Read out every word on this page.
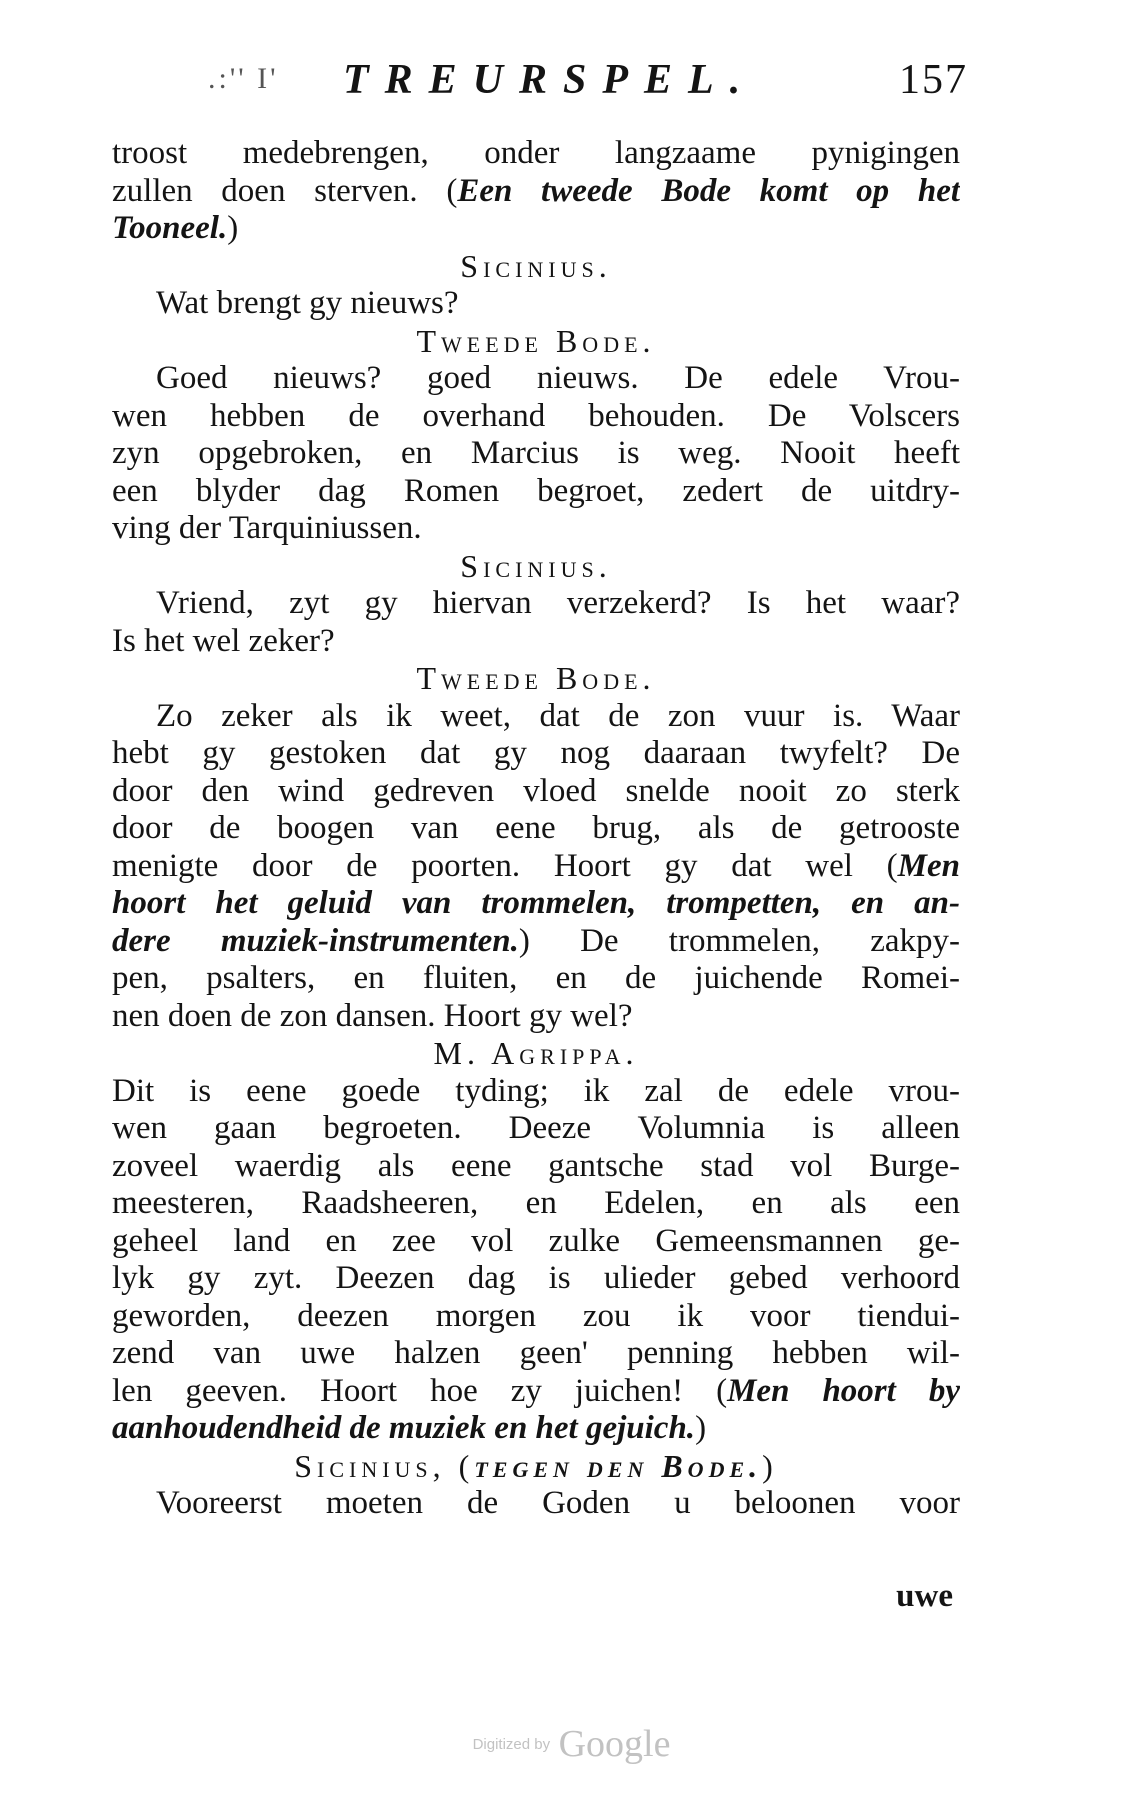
.:'' I' TREURSPEL.	157
troost medebrengen, onder langzaame pynigingen
zullen doen sterven. (Een tweede Bode komt op het
Tooneel.)
Sicinius.
Wat brengt gy nieuws?
Tweede Bode.
Goed nieuws? goed nieuws. De edele Vrou-
wen hebben de overhand behouden. De Volscers
zyn opgebroken, en Marcius is weg. Nooit heeft
een blyder dag Romen begroet, zedert de uitdry-
ving der Tarquiniussen.
Sicinius.
Vriend, zyt gy hiervan verzekerd? Is het waar?
Is het wel zeker?
Tweede Bode.
Zo zeker als ik weet, dat de zon vuur is. Waar
hebt gy gestoken dat gy nog daaraan twyfelt? De
door den wind gedreven vloed snelde nooit zo sterk
door de boogen van eene brug, als de getrooste
menigte door de poorten. Hoort gy dat wel (Men
hoort het geluid van trommelen, trompetten, en an-
dere muziek-instrumenten.) De trommelen, zakpy-
pen, psalters, en fluiten, en de juichende Romei-
nen doen de zon dansen. Hoort gy wel?
M. Agrippa.
Dit is eene goede tyding; ik zal de edele vrou-
wen gaan begroeten. Deeze Volumnia is alleen
zoveel waerdig als eene gantsche stad vol Burge-
meesteren, Raadsheeren, en Edelen, en als een
geheel land en zee vol zulke Gemeensmannen ge-
lyk gy zyt. Deezen dag is ulieder gebed verhoord
geworden, deezen morgen zou ik voor tiendui-
zend van uwe halzen geen' penning hebben wil-
len geeven. Hoort hoe zy juichen! (Men hoort by
aanhoudendheid de muziek en het gejuich.)
Sicinius, (tegen den Bode.)
Vooreerst moeten de Goden u beloonen voor
uwe
Digitized by Google
